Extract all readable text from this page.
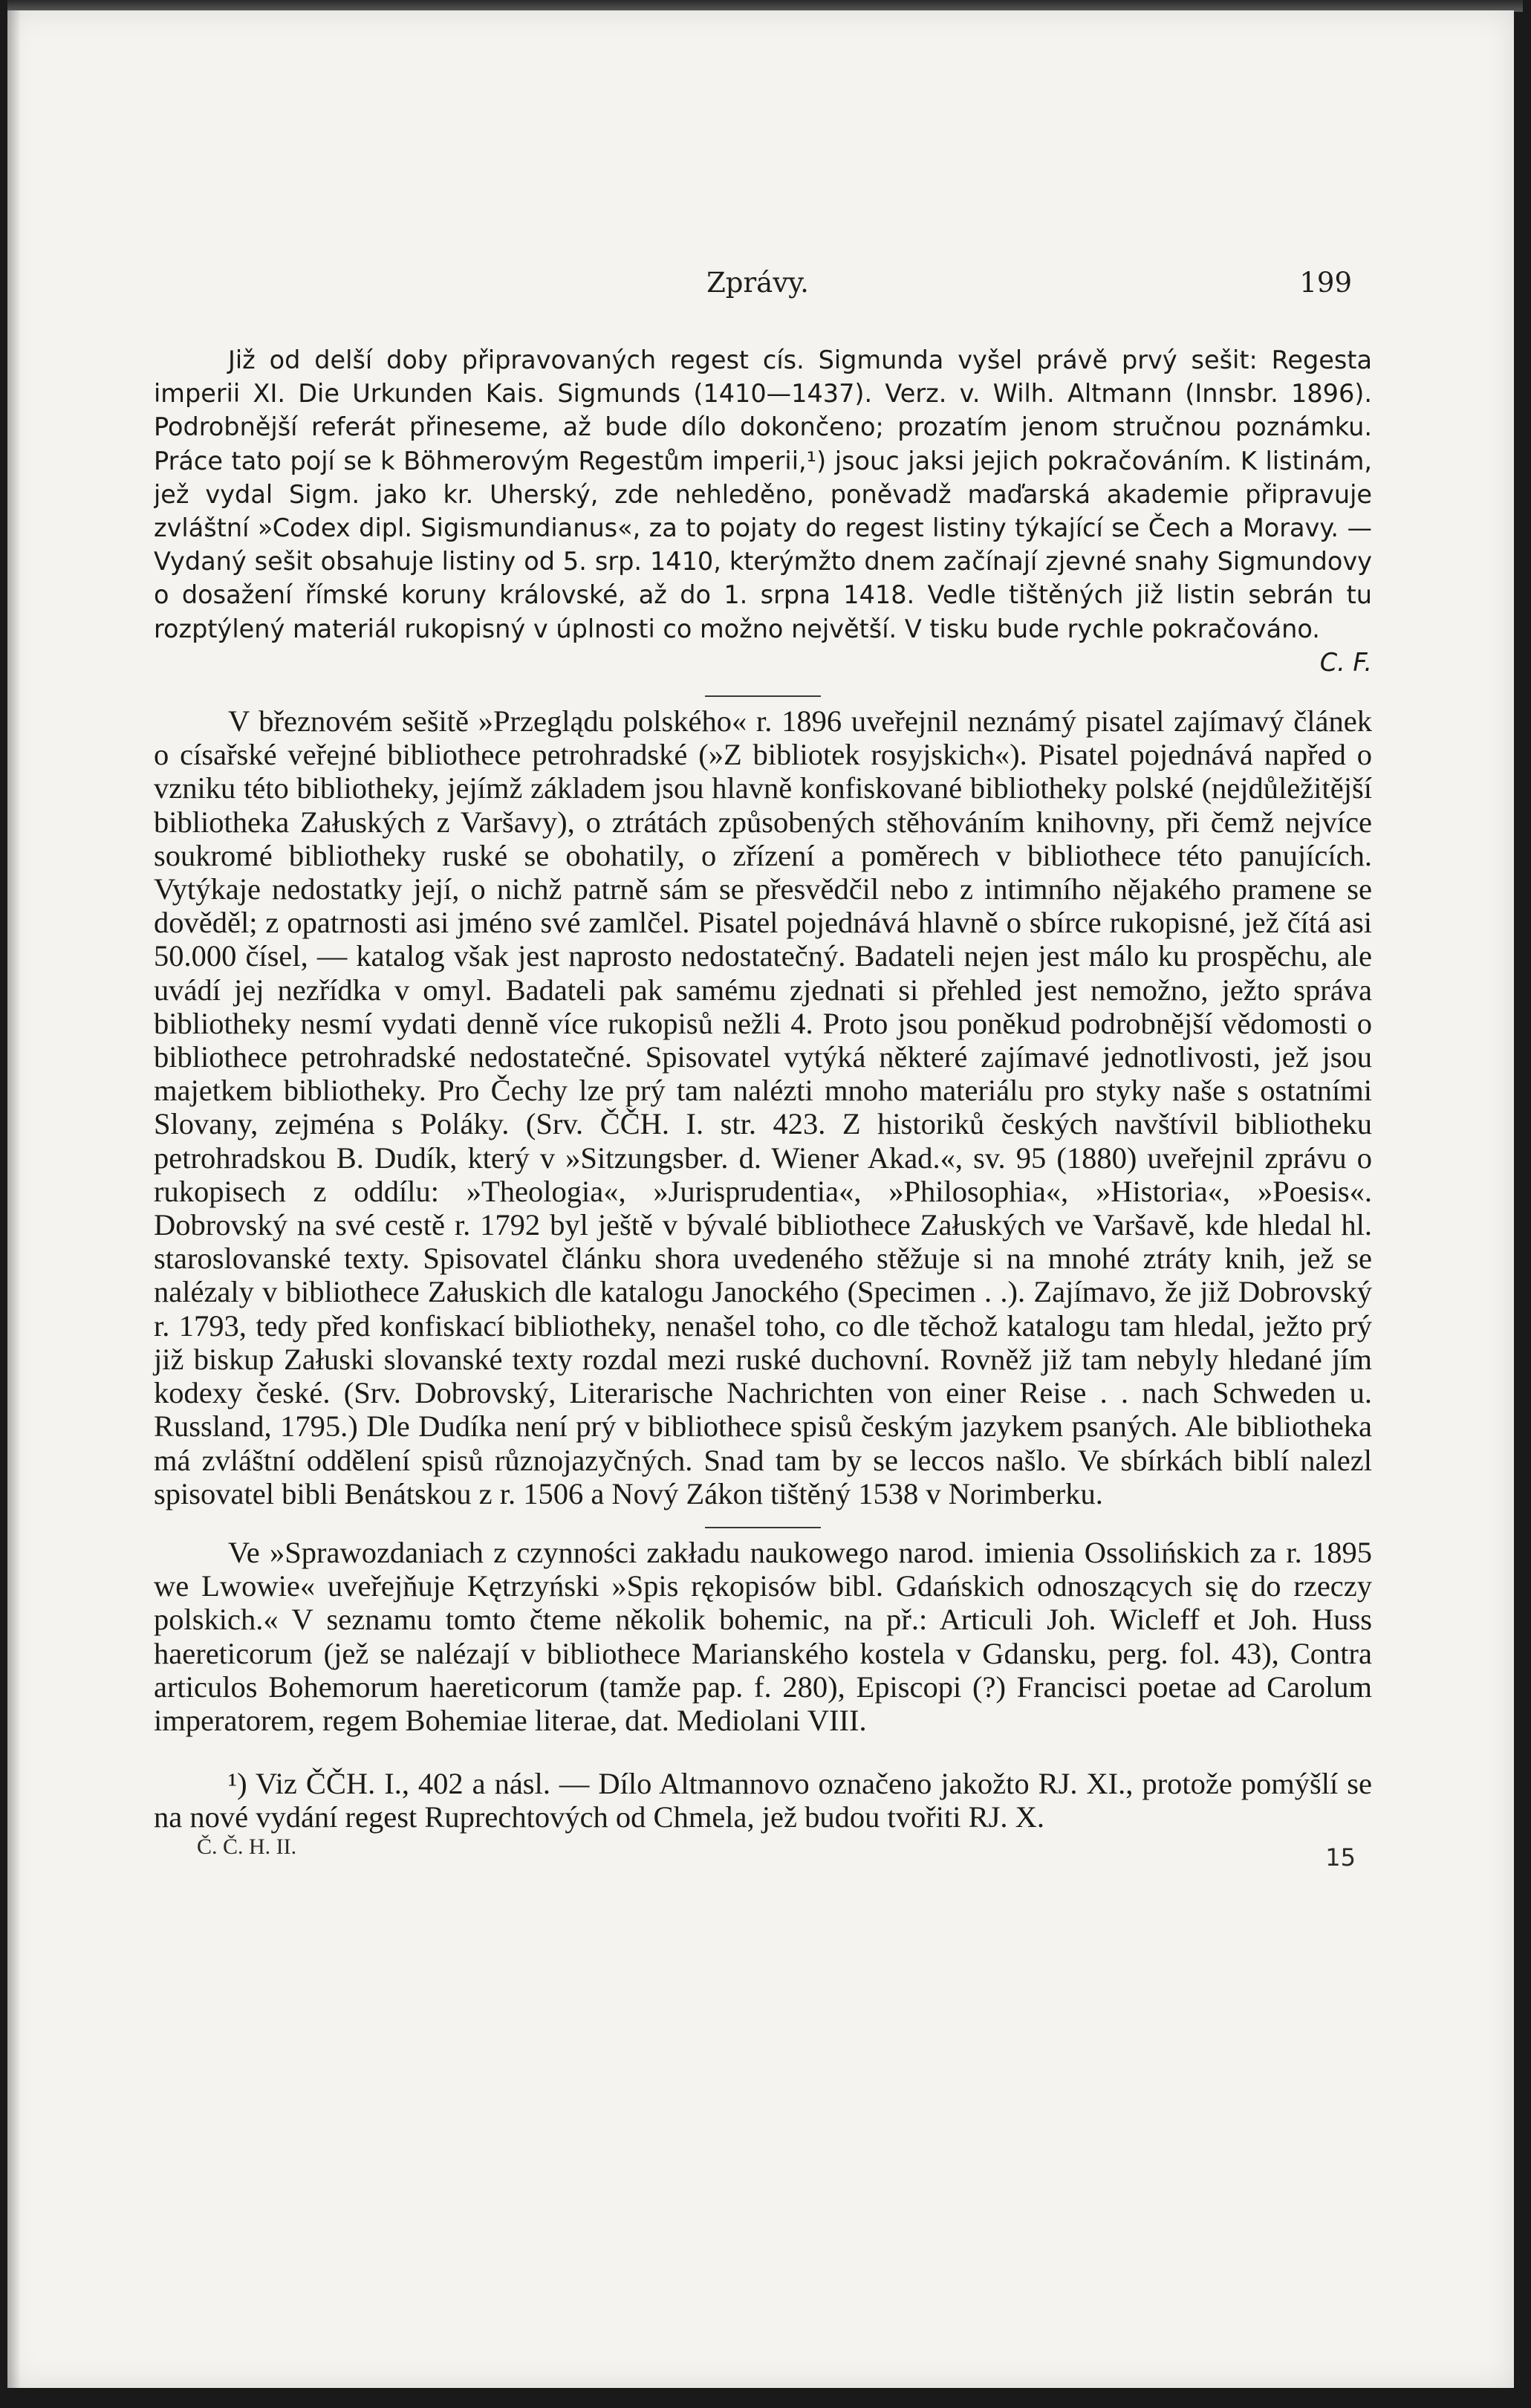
Zprávy.	199

Již od delší doby připravovaných regest cís. Sigmunda vyšel právě prvý sešit: Regesta imperii XI. Die Urkunden Kais. Sigmunds (1410—1437). Verz. v. Wilh. Altmann (Innsbr. 1896). Podrobnější referát přineseme, až bude dílo dokončeno; prozatím jenom stručnou poznámku. Práce tato pojí se k Böhmerovým Regestům imperii,¹) jsouc jaksi jejich pokračováním. K listinám, jež vydal Sigm. jako kr. Uherský, zde nehleděno, poněvadž maďarská akademie připravuje zvláštní »Codex dipl. Sigismundianus«, za to pojaty do regest listiny týkající se Čech a Moravy. — Vydaný sešit obsahuje listiny od 5. srp. 1410, kterýmžto dnem začínají zjevné snahy Sigmundovy o dosažení římské koruny královské, až do 1. srpna 1418. Vedle tištěných již listin sebrán tu rozptýlený materiál rukopisný v úplnosti co možno největší. V tisku bude rychle pokračováno.
C. F.

V březnovém sešitě »Przeglądu polského« r. 1896 uveřejnil neznámý pisatel zajímavý článek o císařské veřejné bibliothece petrohradské (»Z bibliotek rosyjskich«). Pisatel pojednává napřed o vzniku této bibliotheky, jejímž základem jsou hlavně konfiskované bibliotheky polské (nejdůležitější bibliotheka Załuských z Varšavy), o ztrátách způsobených stěhováním knihovny, při čemž nejvíce soukromé bibliotheky ruské se obohatily, o zřízení a poměrech v bibliothece této panujících. Vytýkaje nedostatky její, o nichž patrně sám se přesvědčil nebo z intimního nějakého pramene se dověděl; z opatrnosti asi jméno své zamlčel. Pisatel pojednává hlavně o sbírce rukopisné, jež čítá asi 50.000 čísel, — katalog však jest naprosto nedostatečný. Badateli nejen jest málo ku prospěchu, ale uvádí jej nezřídka v omyl. Badateli pak samému zjednati si přehled jest nemožno, ježto správa bibliotheky nesmí vydati denně více rukopisů nežli 4. Proto jsou poněkud podrobnější vědomosti o bibliothece petrohradské nedostatečné. Spisovatel vytýká některé zajímavé jednotlivosti, jež jsou majetkem bibliotheky. Pro Čechy lze prý tam nalézti mnoho materiálu pro styky naše s ostatními Slovany, zejména s Poláky. (Srv. ČČH. I. str. 423. Z historiků českých navštívil bibliotheku petrohradskou B. Dudík, který v »Sitzungsber. d. Wiener Akad.«, sv. 95 (1880) uveřejnil zprávu o rukopisech z oddílu: »Theologia«, »Jurisprudentia«, »Philosophia«, »Historia«, »Poesis«. Dobrovský na své cestě r. 1792 byl ještě v bývalé bibliothece Załuských ve Varšavě, kde hledal hl. staroslovanské texty. Spisovatel článku shora uvedeného stěžuje si na mnohé ztráty knih, jež se nalézaly v bibliothece Załuskich dle katalogu Janockého (Specimen . .). Zajímavo, že již Dobrovský r. 1793, tedy před konfiskací bibliotheky, nenašel toho, co dle těchož katalogu tam hledal, ježto prý již biskup Załuski slovanské texty rozdal mezi ruské duchovní. Rovněž již tam nebyly hledané jím kodexy české. (Srv. Dobrovský, Literarische Nachrichten von einer Reise . . nach Schweden u. Russland, 1795.) Dle Dudíka není prý v bibliothece spisů českým jazykem psaných. Ale bibliotheka má zvláštní oddělení spisů různojazyčných. Snad tam by se leccos našlo. Ve sbírkách biblí nalezl spisovatel bibli Benátskou z r. 1506 a Nový Zákon tištěný 1538 v Norimberku.

Ve »Sprawozdaniach z czynności zakładu naukowego narod. imienia Ossolińskich za r. 1895 we Lwowie« uveřejňuje Kętrzyński »Spis rękopisów bibl. Gdańskich odnoszących się do rzeczy polskich.« V seznamu tomto čteme několik bohemic, na př.: Articuli Joh. Wicleff et Joh. Huss haereticorum (jež se nalézají v bibliothece Marianského kostela v Gdansku, perg. fol. 43), Contra articulos Bohemorum haereticorum (tamže pap. f. 280), Episcopi (?) Francisci poetae ad Carolum imperatorem, regem Bohemiae literae, dat. Mediolani VIII.

¹) Viz ČČH. I., 402 a násl. — Dílo Altmannovo označeno jakožto RJ. XI., protože pomýšlí se na nové vydání regest Ruprechtových od Chmela, jež budou tvořiti RJ. X.

Č. Č. H. II.	15
